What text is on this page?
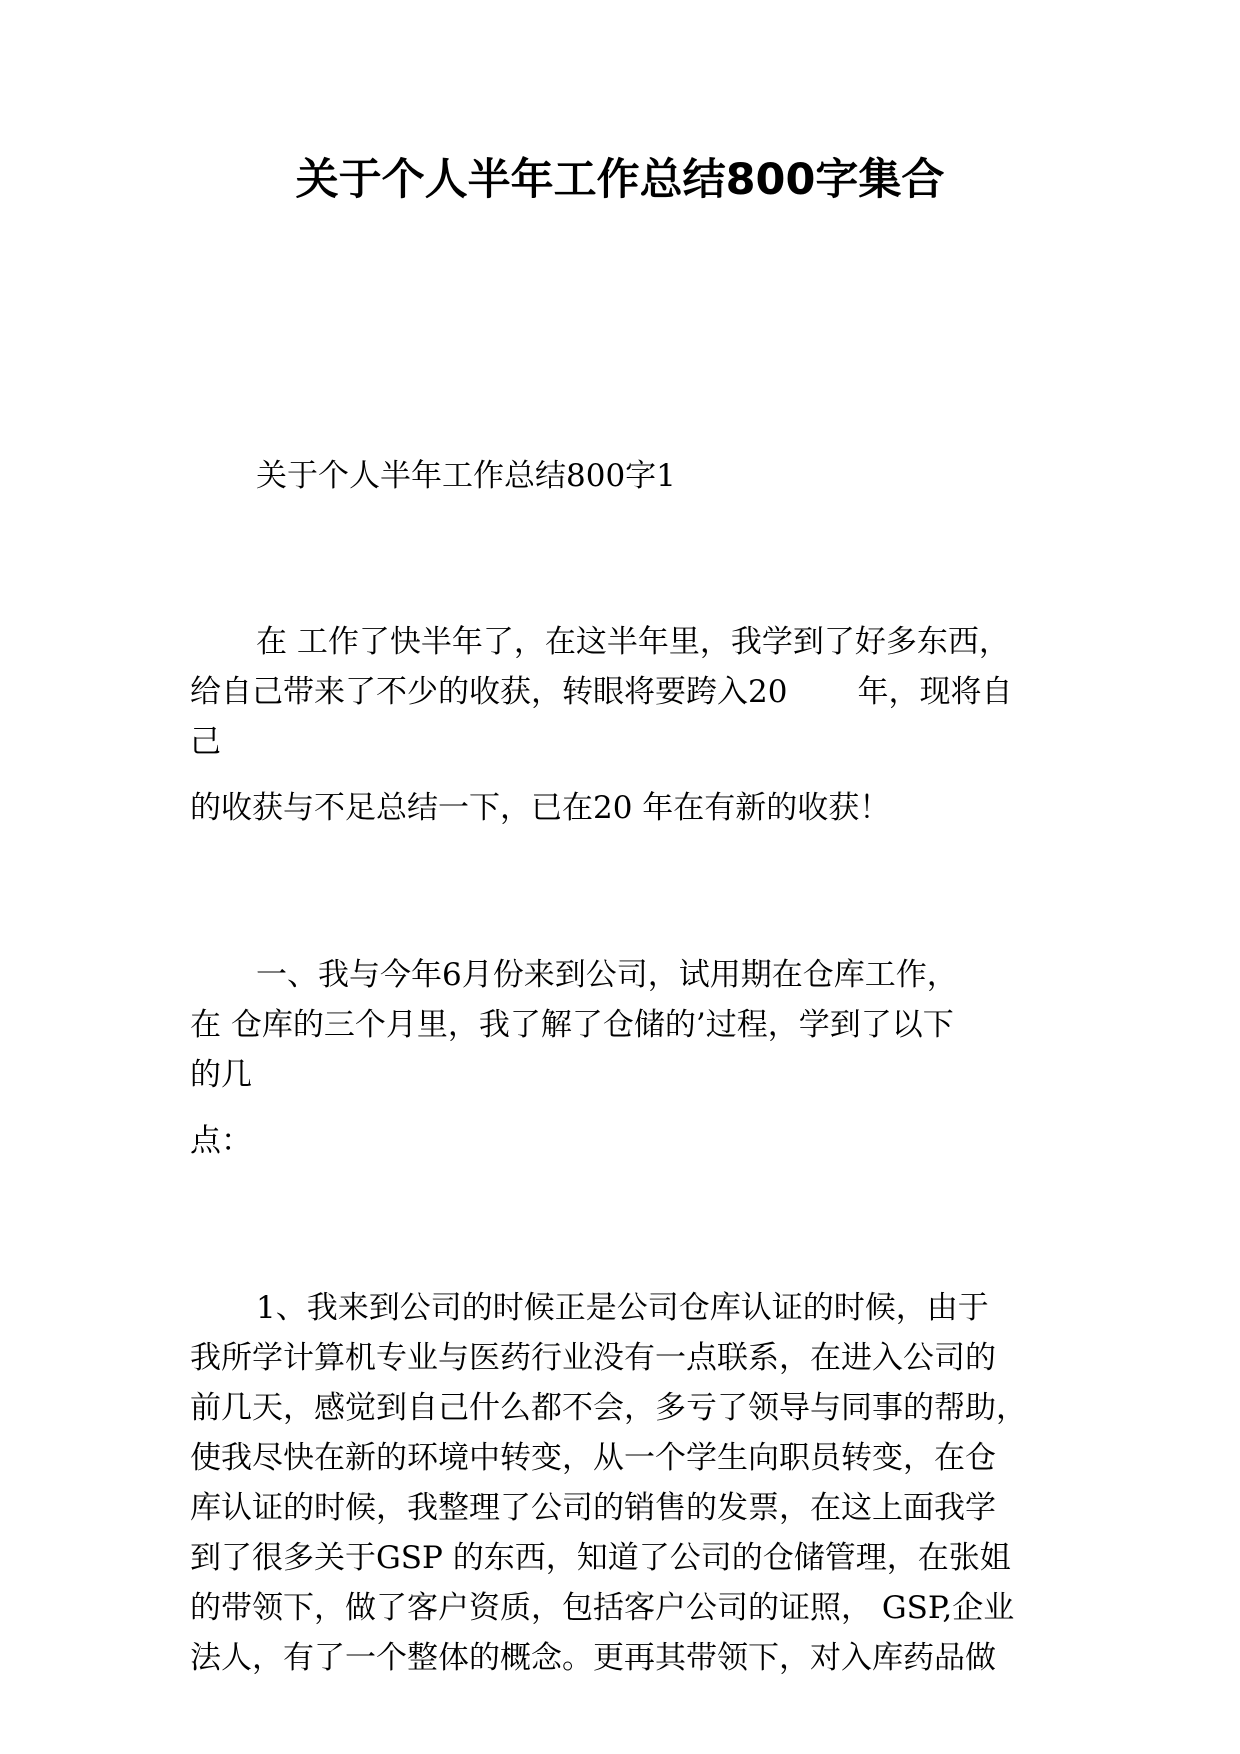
关于个人半年工作总结800字集合
关于个人半年工作总结800字1
在 工作了快半年了，在这半年里，我学到了好多东西，
给自己带来了不少的收获，转眼将要跨入20 年，现将自
己
的收获与不足总结一下，已在20 年在有新的收获！
一、我与今年6月份来到公司，试用期在仓库工作，
在 仓库的三个月里，我了解了仓储的’过程，学到了以下
的几
点：
1、我来到公司的时候正是公司仓库认证的时候，由于
我所学计算机专业与医药行业没有一点联系，在进入公司的
前几天，感觉到自己什么都不会，多亏了领导与同事的帮助，
使我尽快在新的环境中转变，从一个学生向职员转变，在仓
库认证的时候，我整理了公司的销售的发票，在这上面我学
到了很多关于GSP 的东西，知道了公司的仓储管理，在张姐
的带领下，做了客户资质，包括客户公司的证照， GSP,企业
法人，有了一个整体的概念。更再其带领下，对入库药品做
